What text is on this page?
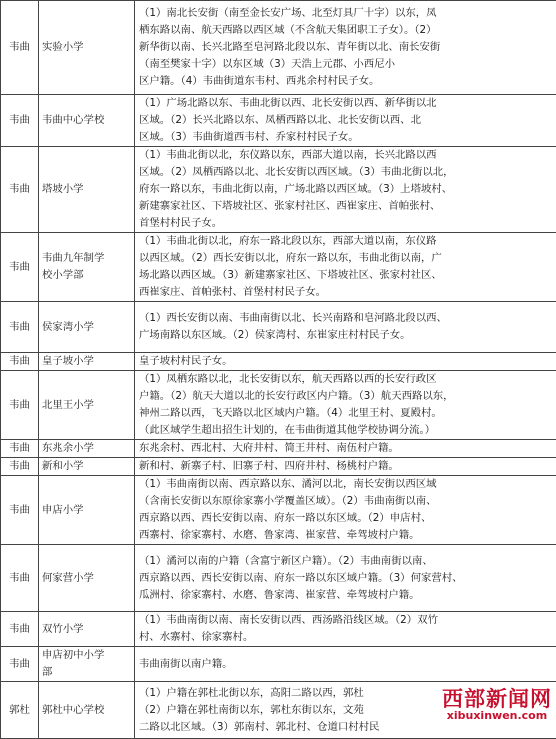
韦曲	实验小学	（1）南北长安街（南至金长安广场、北至灯具厂十字）以东，凤
栖东路以南、航天西路以西区域（不含航天集团职工子女）。（2）
新华街以南、长兴北路至皂河路北段以东、青年街以北、南长安街
（南至樊家十字）以东区域（3）天浩上元郡、小西尼小
区户籍。（4）韦曲街道东韦村、西兆余村村民子女。

韦曲	韦曲中心学校	（1）广场北路以东、韦曲北街以西、北长安街以西、新华街以北
区域。（2）长兴北路以东、凤栖西路以北、北长安街以西、北
区域。（3）韦曲街道西韦村、乔家村村民子女。

韦曲	塔坡小学	（1）韦曲北街以北，东仪路以东，西部大道以南，长兴北路以西
区域。（2）凤栖西路以北、北长安街以西区域。（3）韦曲北街以北，
府东一路以东，韦曲北街以南，广场北路以西区域。（3）上塔坡村、
新建寨家社区、下塔坡社区、张家村社区、西崔家庄、首帕张村、
首堡村村民子女。

韦曲	韦曲九年制学
校小学部	（1）韦曲北街以北，府东一路北段以东，西部大道以南，东仪路
以西区域。（2）西长安街以北，府东一路以东，韦曲北街以南，广
场北路以西区域。（3）新建寨家社区、下塔坡社区、张家村社区、
西崔家庄、首帕张村、首堡村村民子女。

韦曲	侯家湾小学	（1）西长安街以南、韦曲南街以北、长兴南路和皂河路北段以西、
广场南路以东区域。（2）侯家湾村、东崔家庄村村民子女。

韦曲	皇子坡小学	皇子坡村村民子女。

韦曲	北里王小学	（1）凤栖东路以北，北长安街以东，航天西路以西的长安行政区
户籍。（2）航天大道以北的长安行政区内户籍。（3）航天西路以东，
神州二路以西，飞天路以北区域内户籍。（4）北里王村、夏殿村。
（此区域学生超出招生计划的，在韦曲街道其他学校协调分流。）

韦曲	东兆余小学	东兆余村、西北村、大府井村、简王井村、南伍村户籍。

韦曲	新和小学	新和村、新寨子村、旧寨子村、四府井村、杨桃村户籍。

韦曲	申店小学	（1）韦曲南街以南、西京路以东、潏河以北，南长安街以西区域
（含南长安街以东原徐家寨小学覆盖区域）。（2）韦曲南街以南、
西京路以西、西长安街以南、府东一路以东区域。（2）申店村、
西寨村、徐家寨村、水磨、鲁家湾、崔家营、牵驾坡村户籍。

韦曲	何家营小学	（1）潏河以南的户籍（含富宁新区户籍）。（2）韦曲南街以南、
西京路以西、西长安街以南、府东一路以东区域户籍。（3）何家营村、
瓜洲村、徐家寨村、水磨、鲁家湾、崔家营、牵驾坡村户籍。

韦曲	双竹小学	（1）韦曲南街以南、南长安街以西、西汤路沿线区域。（2）双竹
村、水寨村、徐家寨村。

韦曲	申店初中小学
部	韦曲南街以南户籍。

郭杜	郭杜中心学校	（1）户籍在郭杜北街以东，高阳二路以西，郭杜
（2）户籍在郭杜南街以东，郭杜东街以东，文苑
二路以北区域。（3）郭南村、郭北村、仓道口村村民
西部新闻网
xibuxinwen.com
